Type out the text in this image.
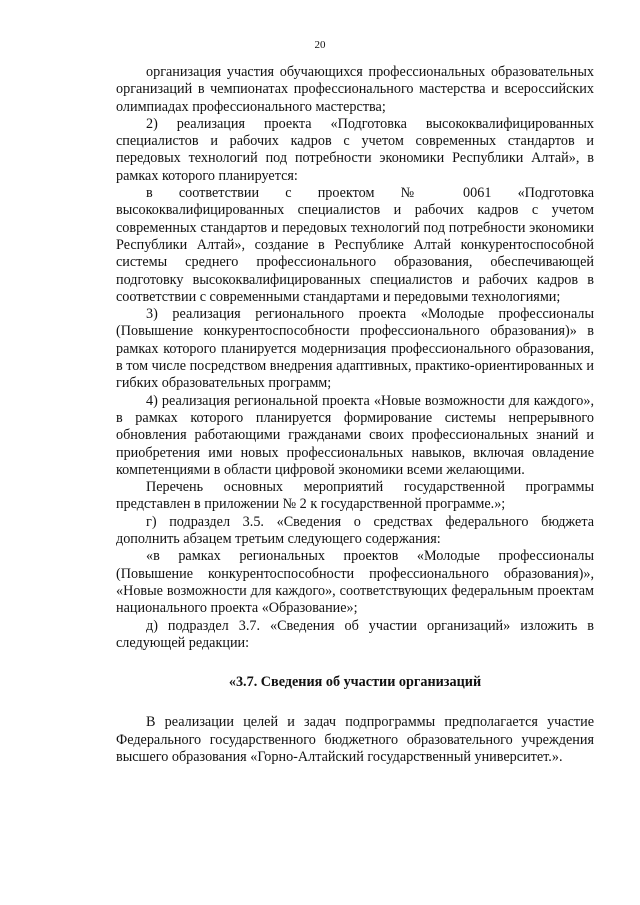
20

организация участия обучающихся профессиональных образовательных организаций в чемпионатах профессионального мастерства и всероссийских олимпиадах профессионального мастерства;

2) реализация проекта «Подготовка высококвалифицированных специалистов и рабочих кадров с учетом современных стандартов и передовых технологий под потребности экономики Республики Алтай», в рамках которого планируется:

в соответствии с проектом № 0061 «Подготовка высококвалифицированных специалистов и рабочих кадров с учетом современных стандартов и передовых технологий под потребности экономики Республики Алтай», создание в Республике Алтай конкурентоспособной системы среднего профессионального образования, обеспечивающей подготовку высококвалифицированных специалистов и рабочих кадров в соответствии с современными стандартами и передовыми технологиями;

3) реализация регионального проекта «Молодые профессионалы (Повышение конкурентоспособности профессионального образования)» в рамках которого планируется модернизация профессионального образования, в том числе посредством внедрения адаптивных, практико-ориентированных и гибких образовательных программ;

4) реализация региональной проекта «Новые возможности для каждого», в рамках которого планируется формирование системы непрерывного обновления работающими гражданами своих профессиональных знаний и приобретения ими новых профессиональных навыков, включая овладение компетенциями в области цифровой экономики всеми желающими.

Перечень основных мероприятий государственной программы представлен в приложении № 2 к государственной программе.»;

г) подраздел 3.5. «Сведения о средствах федерального бюджета дополнить абзацем третьим следующего содержания:

«в рамках региональных проектов «Молодые профессионалы (Повышение конкурентоспособности профессионального образования)», «Новые возможности для каждого», соответствующих федеральным проектам национального проекта «Образование»;

д) подраздел 3.7. «Сведения об участии организаций» изложить в следующей редакции:

«3.7. Сведения об участии организаций

В реализации целей и задач подпрограммы предполагается участие Федерального государственного бюджетного образовательного учреждения высшего образования «Горно-Алтайский государственный университет.».
